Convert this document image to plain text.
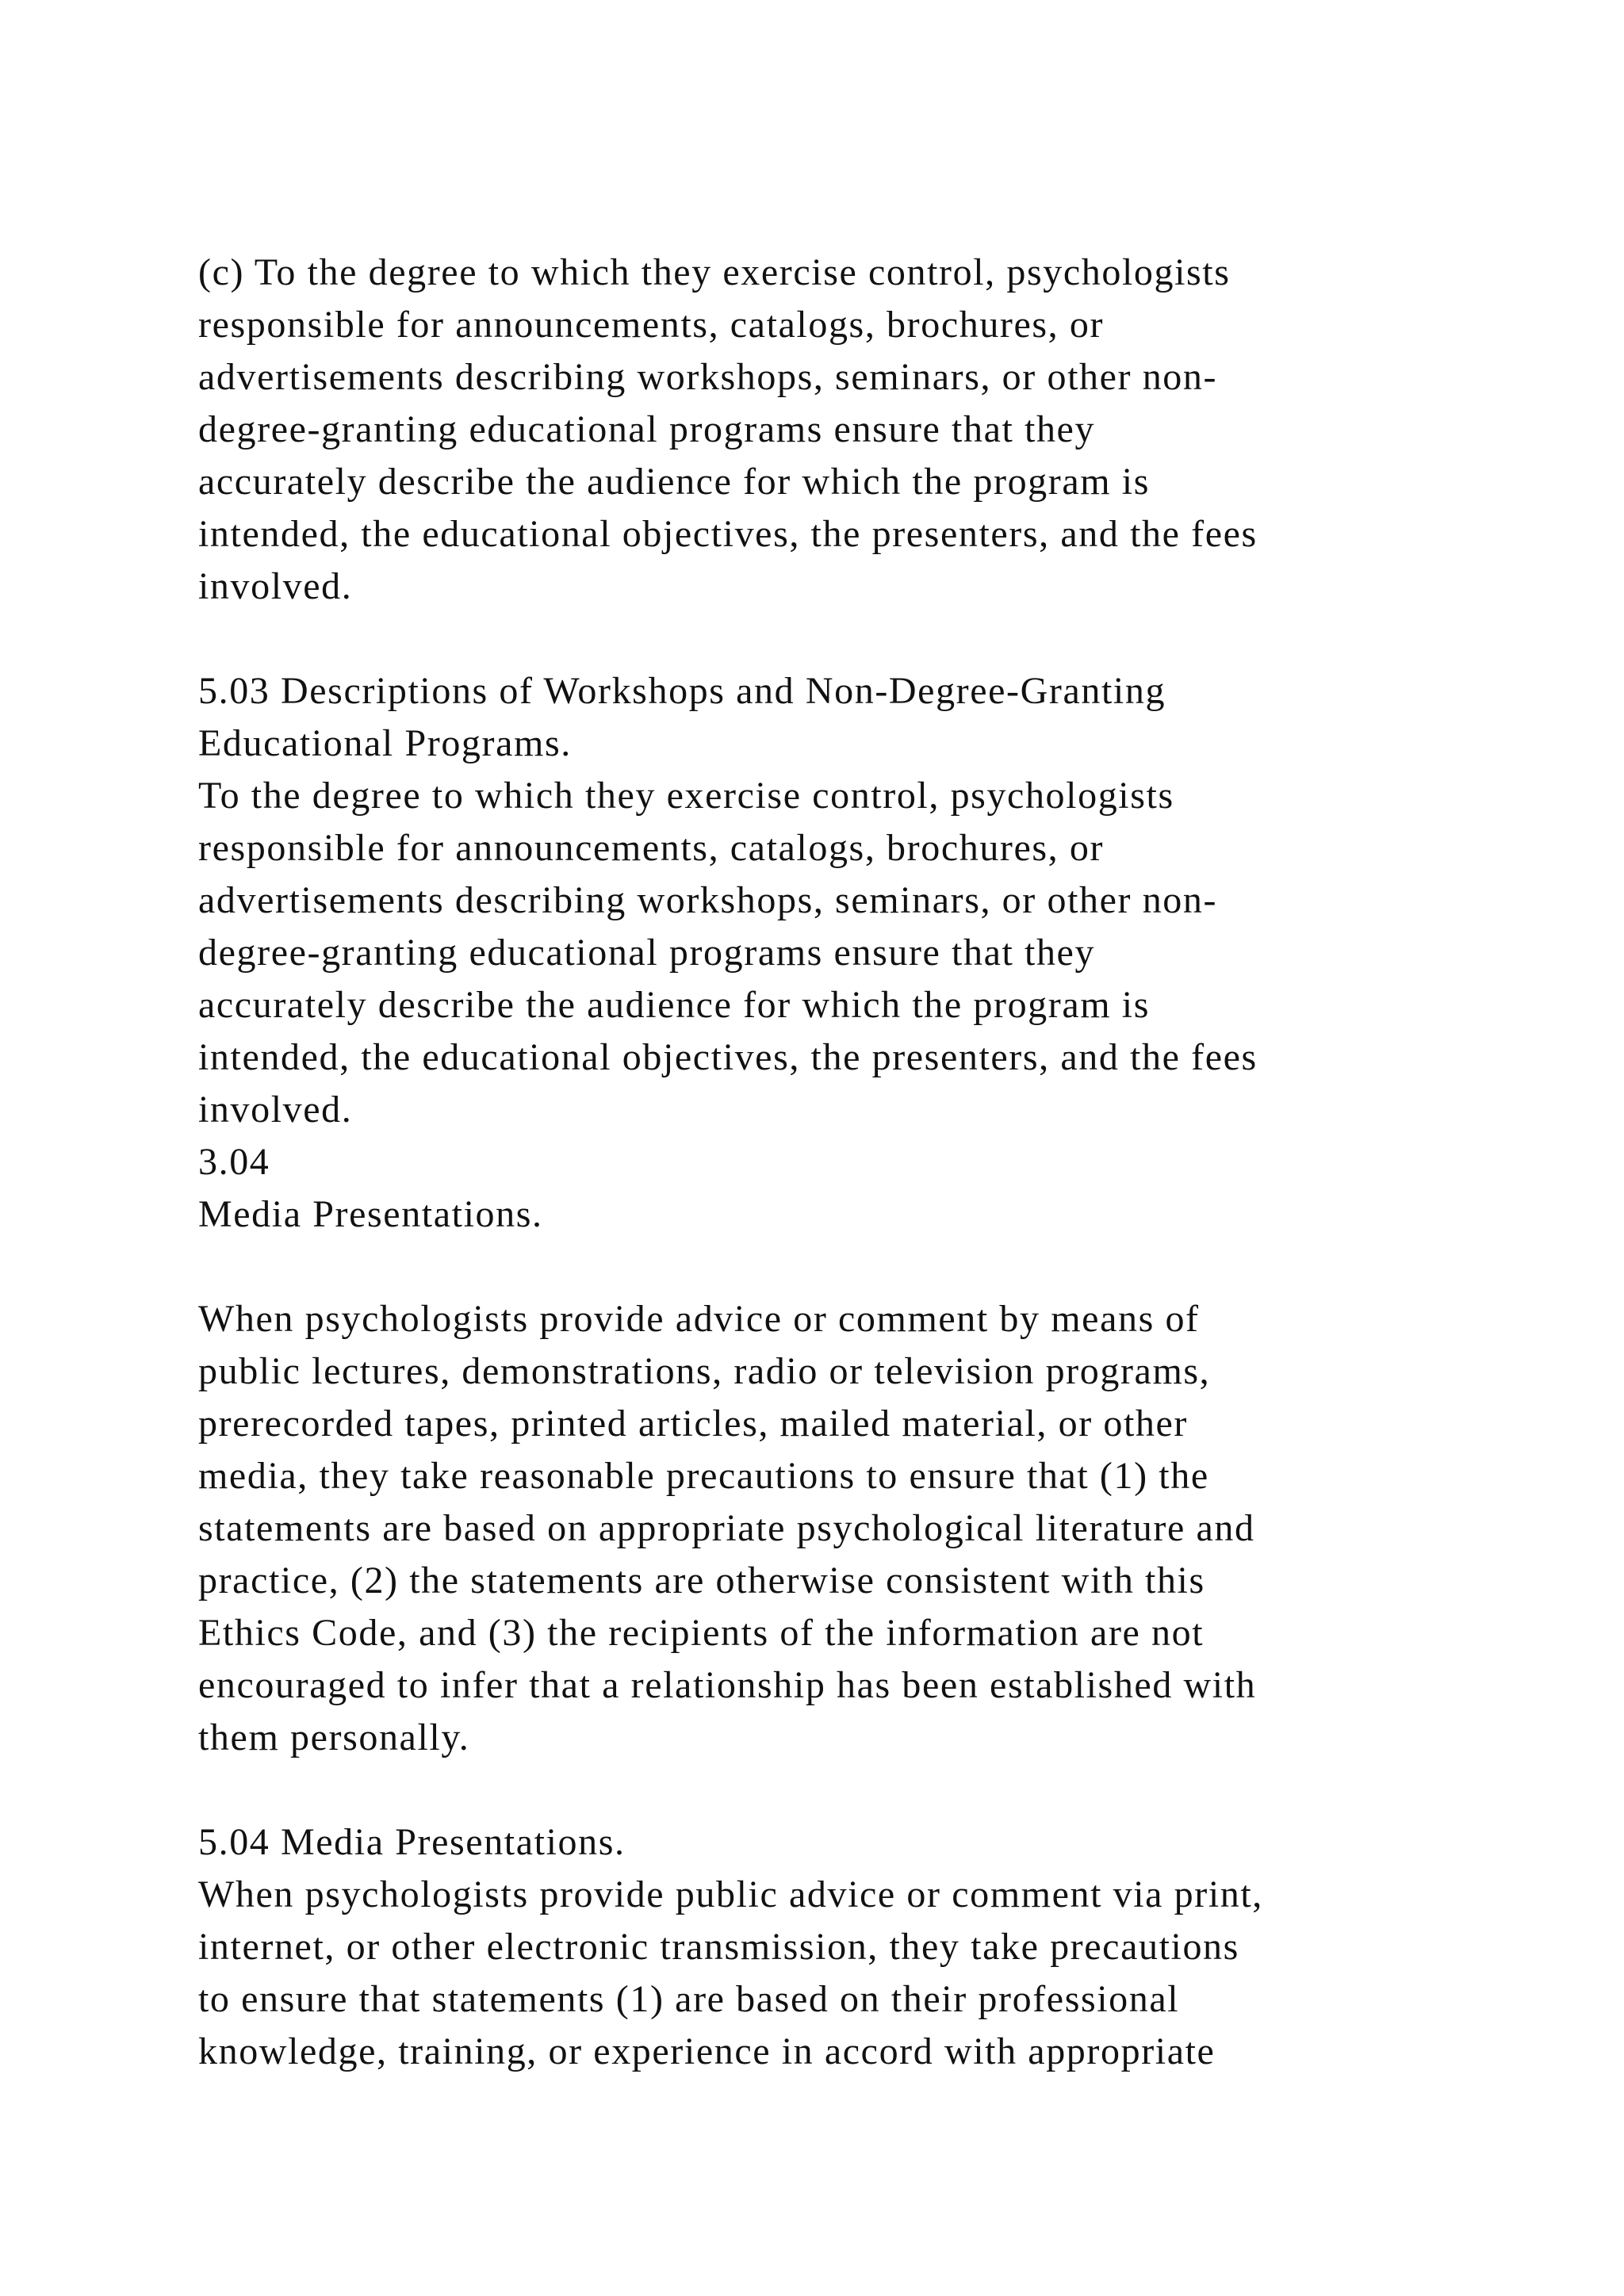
(c) To the degree to which they exercise control, psychologists
responsible for announcements, catalogs, brochures, or
advertisements describing workshops, seminars, or other non-
degree-granting educational programs ensure that they
accurately describe the audience for which the program is
intended, the educational objectives, the presenters, and the fees
involved.
5.03 Descriptions of Workshops and Non-Degree-Granting
Educational Programs.
To the degree to which they exercise control, psychologists
responsible for announcements, catalogs, brochures, or
advertisements describing workshops, seminars, or other non-
degree-granting educational programs ensure that they
accurately describe the audience for which the program is
intended, the educational objectives, the presenters, and the fees
involved.
3.04
Media Presentations.
When psychologists provide advice or comment by means of
public lectures, demonstrations, radio or television programs,
prerecorded tapes, printed articles, mailed material, or other
media, they take reasonable precautions to ensure that (1) the
statements are based on appropriate psychological literature and
practice, (2) the statements are otherwise consistent with this
Ethics Code, and (3) the recipients of the information are not
encouraged to infer that a relationship has been established with
them personally.
5.04 Media Presentations.
When psychologists provide public advice or comment via print,
internet, or other electronic transmission, they take precautions
to ensure that statements (1) are based on their professional
knowledge, training, or experience in accord with appropriate
